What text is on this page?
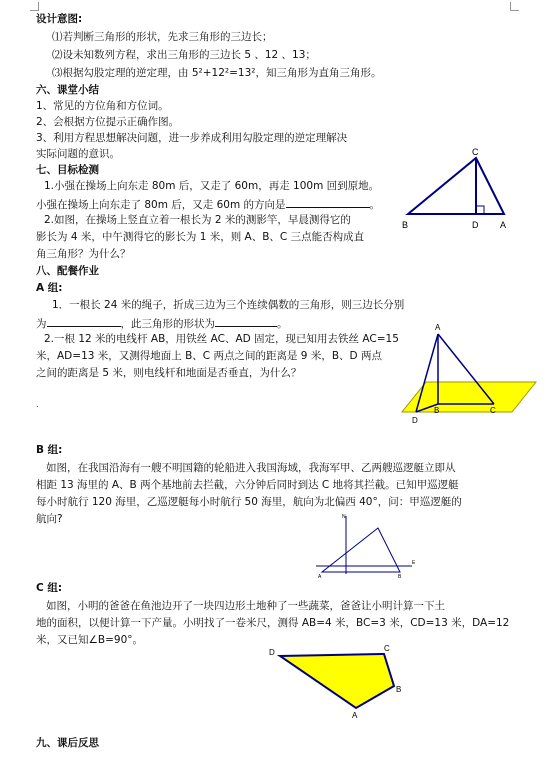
设计意图:
⑴若判断三角形的形状，先求三角形的三边长；
⑵设未知数列方程，求出三角形的三边长 5 、12 、13；
⑶根据勾股定理的逆定理，由 5²+12²=13²，知三角形为直角三角形。
六、课堂小结
1、常见的方位角和方位词。
2、会根据方位提示正确作图。
3、利用方程思想解决问题，进一步养成利用勾股定理的逆定理解决
实际问题的意识。
七、目标检测
1.小强在操场上向东走 80m 后，又走了 60m，再走 100m 回到原地。
小强在操场上向东走了 80m 后，又走 60m 的方向是	。
2.如图，在操场上竖直立着一根长为 2 米的测影竿，早晨测得它的
影长为 4 米，中午测得它的影长为 1 米，则 A、B、C 三点能否构成直
角三角形？为什么？
C
B	D A
八、配餐作业
A 组:
1．一根长 24 米的绳子，折成三边为三个连续偶数的三角形，则三边长分别
为	，此三角形的形状为	。
2.一根 12 米的电线杆 AB，用铁丝 AC、AD 固定，现已知用去铁丝 AC=15
米，AD=13 米，又测得地面上 B、C 两点之间的距离是 9 米，B、D 两点
之间的距离是 5 米，则电线杆和地面是否垂直，为什么？
.
A
B	C
D
B 组:
如图，在我国沿海有一艘不明国籍的轮船进入我国海域，我海军甲、乙两艘巡逻艇立即从
相距 13 海里的 A、B 两个基地前去拦截，六分钟后同时到达 C 地将其拦截。已知甲巡逻艇
每小时航行 120 海里，乙巡逻艇每小时航行 50 海里，航向为北偏西 40°，问：甲巡逻艇的
航向?	N
E
A	B
C 组:
如图，小明的爸爸在鱼池边开了一块四边形土地种了一些蔬菜，爸爸让小明计算一下土
地的面积，以便计算一下产量。小明找了一卷米尺，测得 AB=4 米，BC=3 米，CD=13 米，DA=12
米，又已知∠B=90°。
D	C
B
A
九、课后反思
